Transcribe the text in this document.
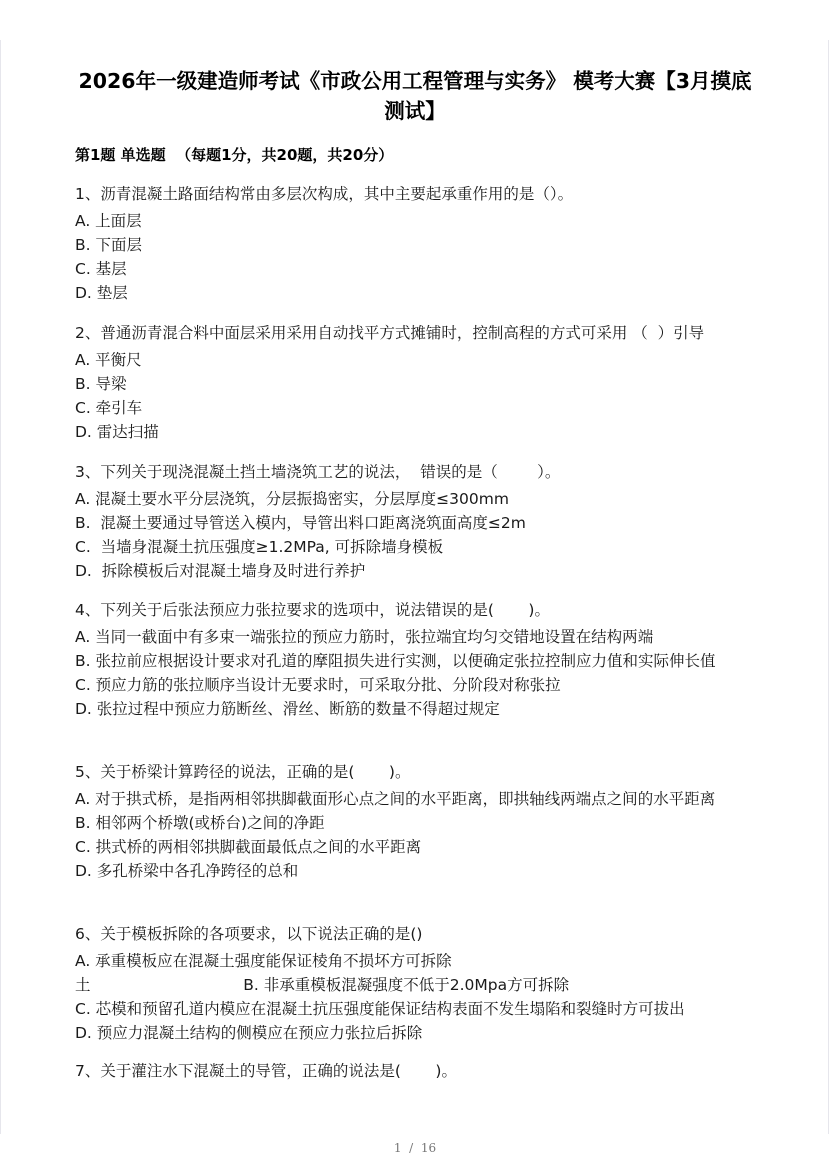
2026年一级建造师考试《市政公用工程管理与实务》 模考大赛【3月摸底测试】
第1题 单选题  （每题1分，共20题，共20分）
1、沥青混凝土路面结构常由多层次构成，其中主要起承重作用的是（）。
A. 上面层
B. 下面层
C. 基层
D. 垫层
2、普通沥青混合料中面层采用采用自动找平方式摊铺时，控制高程的方式可采用 （  ）引导
A. 平衡尺
B. 导梁
C. 牵引车
D. 雷达扫描
3、下列关于现浇混凝土挡土墙浇筑工艺的说法，  错误的是（        ）。
A. 混凝土要水平分层浇筑，分层振捣密实，分层厚度≤300mm
B.  混凝土要通过导管送入模内，导管出料口距离浇筑面高度≤2m
C.  当墙身混凝土抗压强度≥1.2MPa, 可拆除墙身模板
D.  拆除模板后对混凝土墙身及时进行养护
4、下列关于后张法预应力张拉要求的选项中，说法错误的是(       )。
A. 当同一截面中有多束一端张拉的预应力筋时，张拉端宜均匀交错地设置在结构两端
B. 张拉前应根据设计要求对孔道的摩阻损失进行实测，以便确定张拉控制应力值和实际伸长值
C. 预应力筋的张拉顺序当设计无要求时，可采取分批、分阶段对称张拉
D. 张拉过程中预应力筋断丝、滑丝、断筋的数量不得超过规定
5、关于桥梁计算跨径的说法，正确的是(       )。
A. 对于拱式桥，是指两相邻拱脚截面形心点之间的水平距离，即拱轴线两端点之间的水平距离
B. 相邻两个桥墩(或桥台)之间的净距
C. 拱式桥的两相邻拱脚截面最低点之间的水平距离
D. 多孔桥梁中各孔净跨径的总和
6、关于模板拆除的各项要求，以下说法正确的是()
A. 承重模板应在混凝土强度能保证棱角不损坏方可拆除
土                               B. 非承重模板混凝强度不低于2.0Mpa方可拆除
C. 芯模和预留孔道内模应在混凝土抗压强度能保证结构表面不发生塌陷和裂缝时方可拔出
D. 预应力混凝土结构的侧模应在预应力张拉后拆除
7、关于灌注水下混凝土的导管，正确的说法是(       )。
1  /  16
